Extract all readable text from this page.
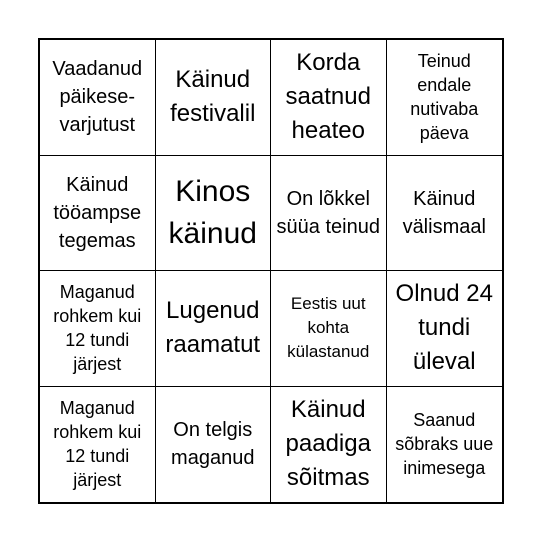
Vaadanud päikese-varjutust
Käinud festivalil
Korda saatnud heateo
Teinud endale nutivaba päeva
Käinud tööampse tegemas
Kinos käinud
On lõkkel süüa teinud
Käinud välismaal
Maganud rohkem kui 12 tundi järjest
Lugenud raamatut
Eestis uut kohta külastanud
Olnud 24 tundi üleval
Maganud rohkem kui 12 tundi järjest
On telgis maganud
Käinud paadiga sõitmas
Saanud sõbraks uue inimesega
